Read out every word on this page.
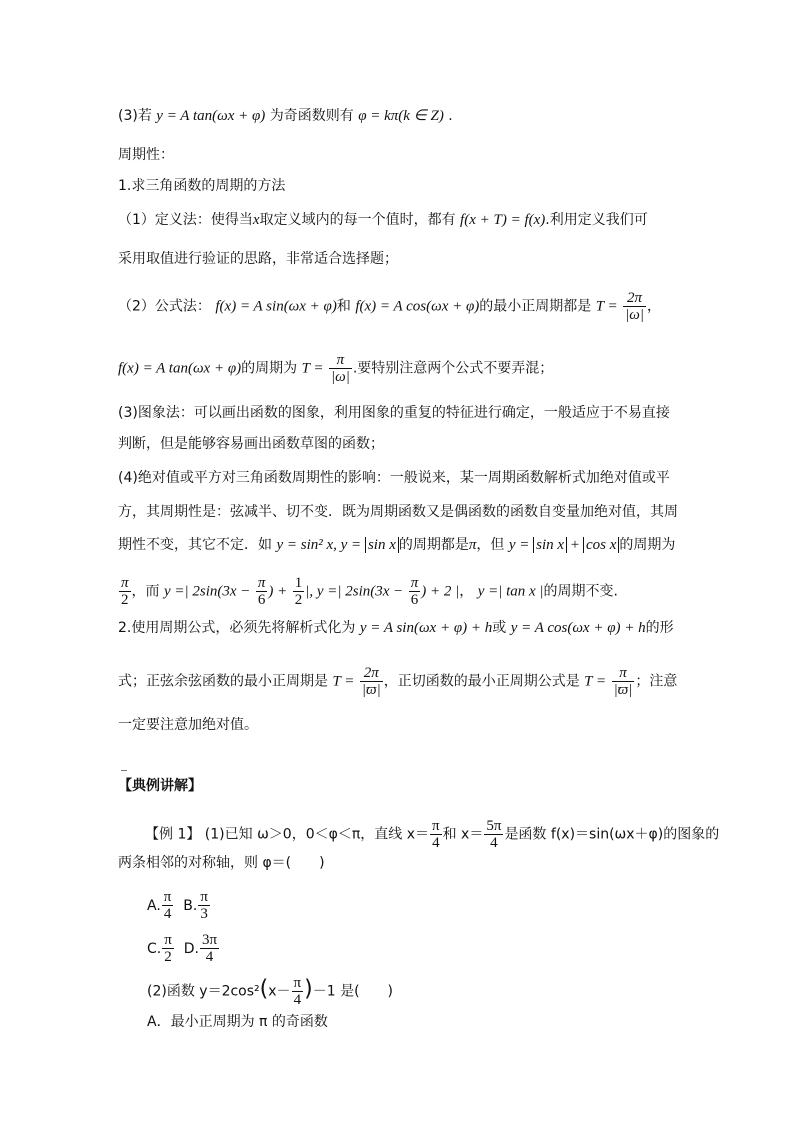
(3)若 y = A tan(ωx + φ) 为奇函数则有 φ = kπ(k ∈ Z) .
周期性：
1.求三角函数的周期的方法
（1）定义法：使得当x取定义域内的每一个值时，都有 f(x + T) = f(x).利用定义我们可
采用取值进行验证的思路，非常适合选择题；
（2）公式法： f(x) = A sin(ωx + φ)和 f(x) = A cos(ωx + φ)的最小正周期都是 $T = \frac{2\pi}{|\omega|}$ ，
f(x) = A tan(ωx + φ)的周期为 $T = \frac{\pi}{|\omega|}$ .要特别注意两个公式不要弄混；
(3)图象法：可以画出函数的图象，利用图象的重复的特征进行确定，一般适应于不易直接
判断，但是能够容易画出函数草图的函数；
(4)绝对值或平方对三角函数周期性的影响：一般说来，某一周期函数解析式加绝对值或平
方，其周期性是：弦减半、切不变．既为周期函数又是偶函数的函数自变量加绝对值，其周
期性不变，其它不定．如 y = sin² x, y = sin x 的周期都是π，但 y = sin x + cos x 的周期为
$\frac{\pi}{2}$ ，而 y =| $2\sin(3x - \frac{\pi}{6}$ ) + $\frac{1}{2}$ |, y =| $2\sin(3x - \frac{\pi}{6}$ ) + 2 |， y =| tan x |的周期不变.
2.使用周期公式，必须先将解析式化为 y = A sin(ωx + φ) + h或 y = A cos(ωx + φ) + h的形
式；正弦余弦函数的最小正周期是 $T = \frac{2\pi}{|ϖ|}$ ，正切函数的最小正周期公式是 $T = \frac{\pi}{|ϖ|}$ ；注意
一定要注意加绝对值。
【典例讲解】
【例 1】 (1)已知 ω＞0，0＜φ＜π，直线 $x= \frac{\pi}{4}$ 和 $x= \frac{5\pi}{4}$ 是函数 f(x)＝sin(ωx＋φ)的图象的
两条相邻的对称轴，则 φ＝(　　)
A. $\frac{\pi}{4} B$. $\frac{\pi}{3}$
C. $\frac{\pi}{2} D$. $\frac{3\pi}{4}$
(2)函数 $y=2\cos^2(x- \frac{\pi}{4} )-1$ 是(　　)
A．最小正周期为 π 的奇函数
